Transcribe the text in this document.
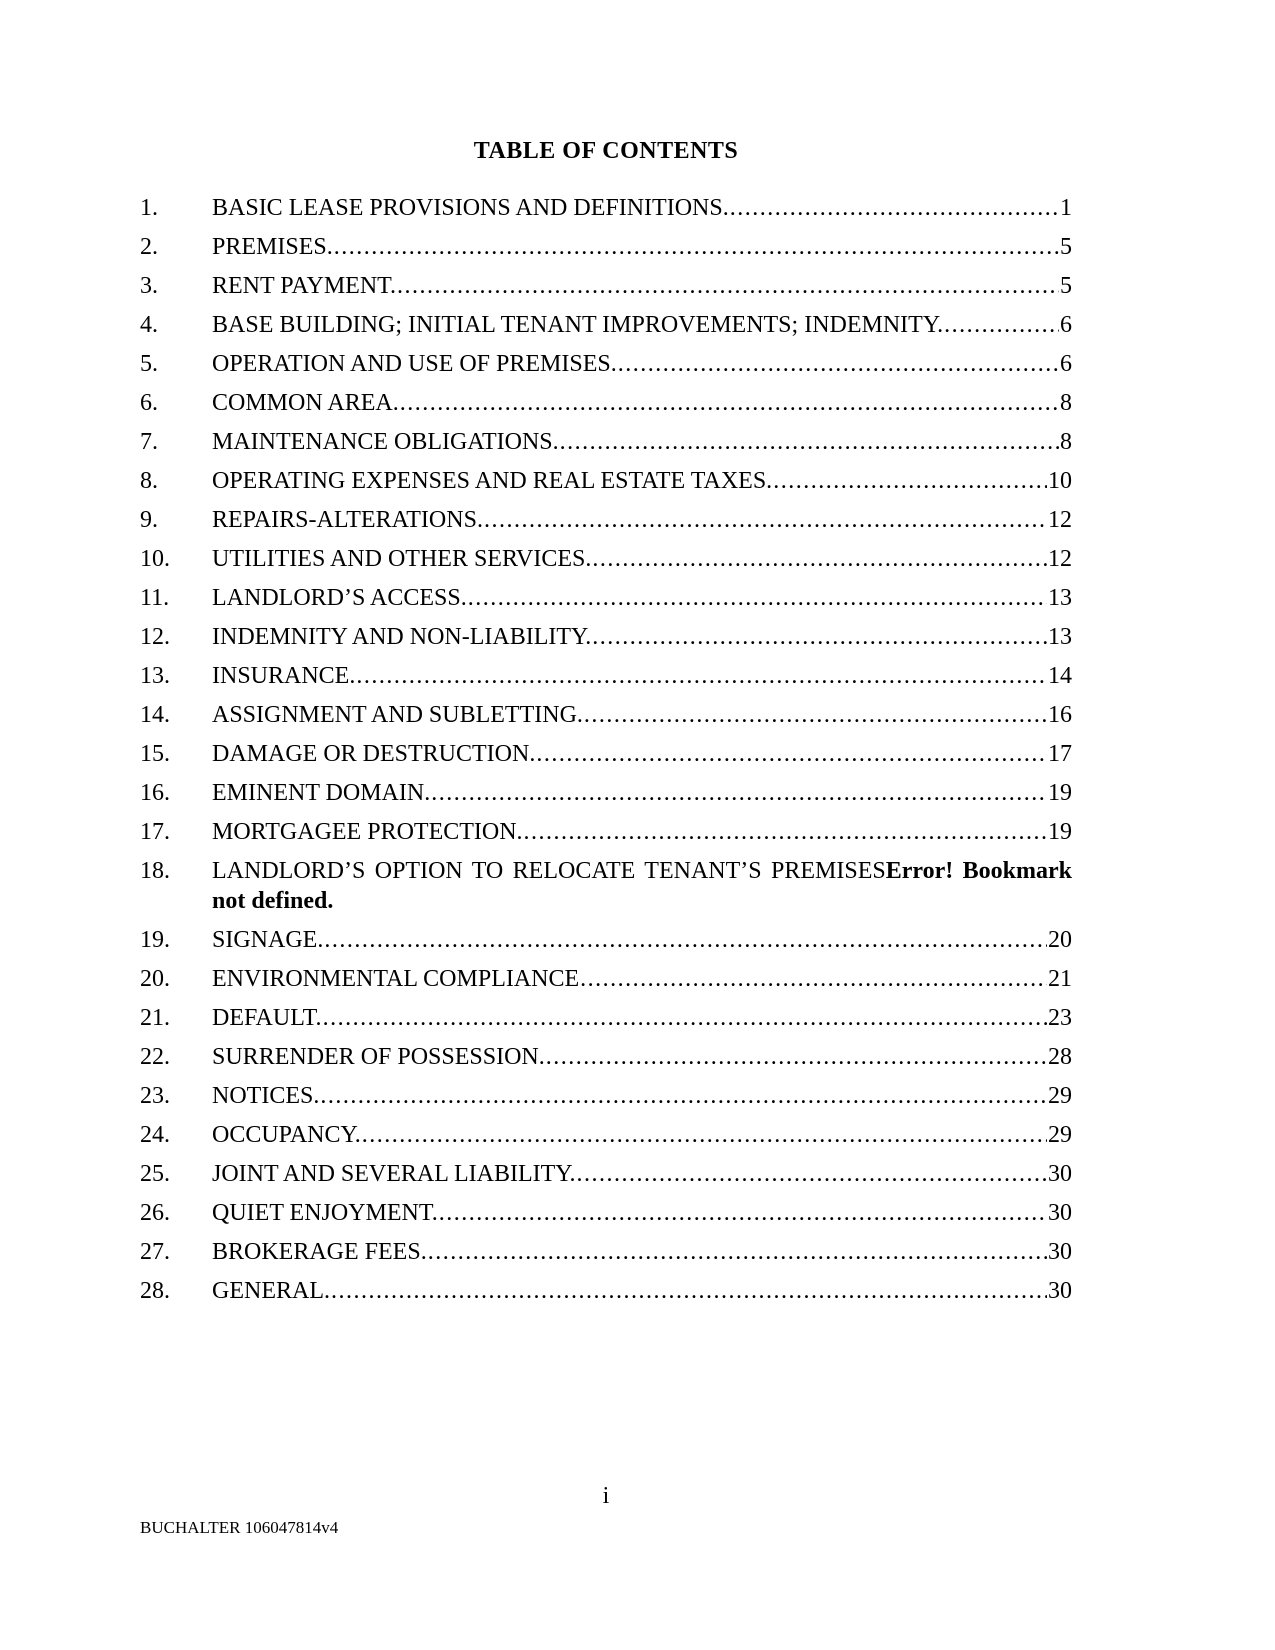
TABLE OF CONTENTS
1.	BASIC LEASE PROVISIONS AND DEFINITIONS. .....	1
2.	PREMISES. .....	5
3.	RENT PAYMENT. .....	5
4.	BASE BUILDING; INITIAL TENANT IMPROVEMENTS; INDEMNITY. .....	6
5.	OPERATION AND USE OF PREMISES. .....	6
6.	COMMON AREA. .....	8
7.	MAINTENANCE OBLIGATIONS. .....	8
8.	OPERATING EXPENSES AND REAL ESTATE TAXES. .....	10
9.	REPAIRS-ALTERATIONS. .....	12
10.	UTILITIES AND OTHER SERVICES. .....	12
11.	LANDLORD’S ACCESS. .....	13
12.	INDEMNITY AND NON-LIABILITY. .....	13
13.	INSURANCE. .....	14
14.	ASSIGNMENT AND SUBLETTING. .....	16
15.	DAMAGE OR DESTRUCTION. .....	17
16.	EMINENT DOMAIN. .....	19
17.	MORTGAGEE PROTECTION. .....	19
18.	LANDLORD’S OPTION TO RELOCATE TENANT’S PREMISESError! Bookmark not defined.
19.	SIGNAGE. .....	20
20.	ENVIRONMENTAL COMPLIANCE .....	21
21.	DEFAULT. .....	23
22.	SURRENDER OF POSSESSION. .....	28
23.	NOTICES. .....	29
24.	OCCUPANCY. .....	29
25.	JOINT AND SEVERAL LIABILITY. .....	30
26.	QUIET ENJOYMENT. .....	30
27.	BROKERAGE FEES. .....	30
28.	GENERAL. .....	30
i
BUCHALTER 106047814v4
